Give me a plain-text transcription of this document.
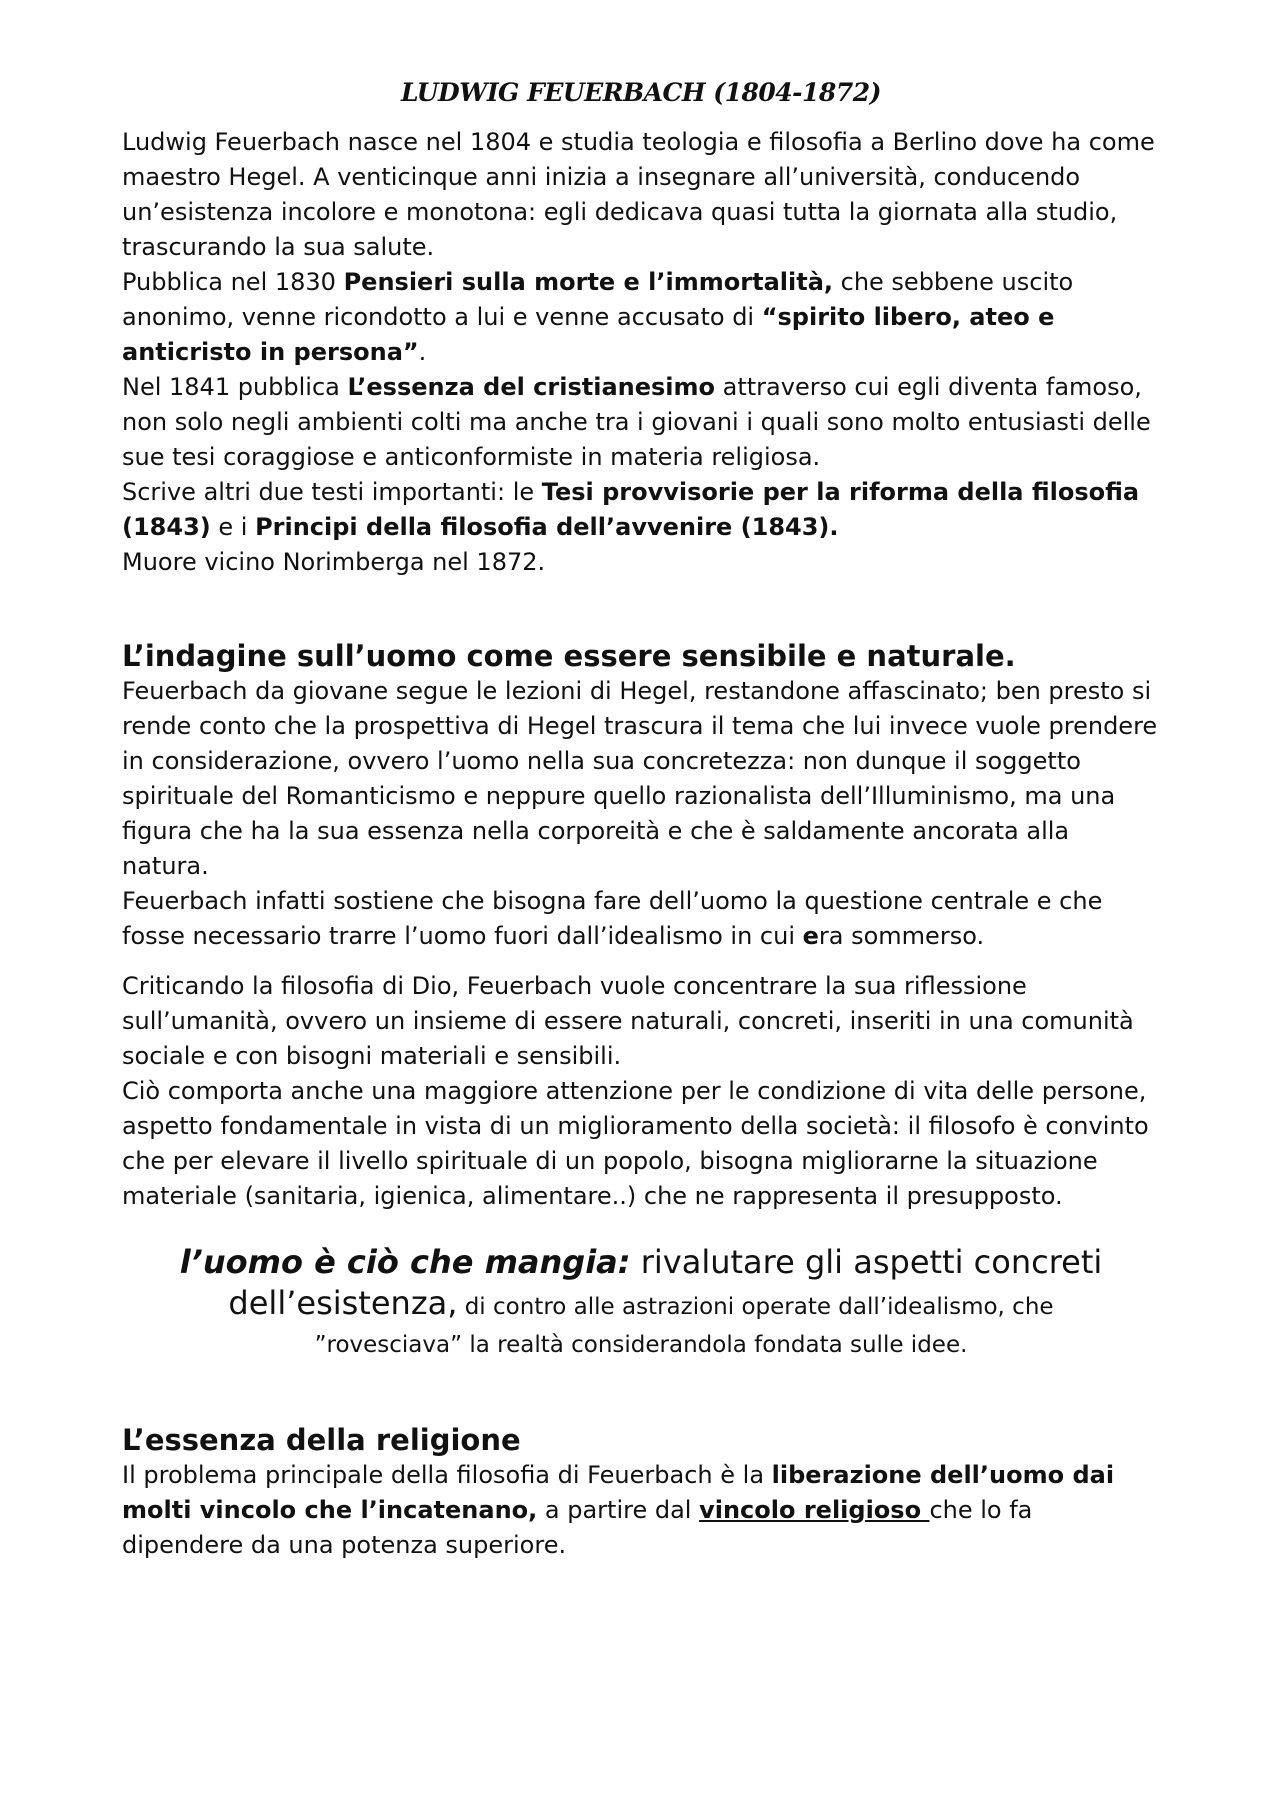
LUDWIG FEUERBACH (1804-1872)

Ludwig Feuerbach nasce nel 1804 e studia teologia e filosofia a Berlino dove ha come maestro Hegel. A venticinque anni inizia a insegnare all’università, conducendo un’esistenza incolore e monotona: egli dedicava quasi tutta la giornata alla studio, trascurando la sua salute.

Pubblica nel 1830 Pensieri sulla morte e l’immortalità, che sebbene uscito anonimo, venne ricondotto a lui e venne accusato di “spirito libero, ateo e anticristo in persona”.

Nel 1841 pubblica L’essenza del cristianesimo attraverso cui egli diventa famoso, non solo negli ambienti colti ma anche tra i giovani i quali sono molto entusiasti delle sue tesi coraggiose e anticonformiste in materia religiosa.

Scrive altri due testi importanti: le Tesi provvisorie per la riforma della filosofia (1843) e i Principi della filosofia dell’avvenire (1843).

Muore vicino Norimberga nel 1872.

L’indagine sull’uomo come essere sensibile e naturale.

Feuerbach da giovane segue le lezioni di Hegel, restandone affascinato; ben presto si rende conto che la prospettiva di Hegel trascura il tema che lui invece vuole prendere in considerazione, ovvero l’uomo nella sua concretezza: non dunque il soggetto spirituale del Romanticismo e neppure quello razionalista dell’Illuminismo, ma una figura che ha la sua essenza nella corporeità e che è saldamente ancorata alla natura.

Feuerbach infatti sostiene che bisogna fare dell’uomo la questione centrale e che fosse necessario trarre l’uomo fuori dall’idealismo in cui era sommerso.

Criticando la filosofia di Dio, Feuerbach vuole concentrare la sua riflessione sull’umanità, ovvero un insieme di essere naturali, concreti, inseriti in una comunità sociale e con bisogni materiali e sensibili.

Ciò comporta anche una maggiore attenzione per le condizione di vita delle persone, aspetto fondamentale in vista di un miglioramento della società: il filosofo è convinto che per elevare il livello spirituale di un popolo, bisogna migliorarne la situazione materiale (sanitaria, igienica, alimentare..) che ne rappresenta il presupposto.

l’uomo è ciò che mangia: rivalutare gli aspetti concreti
dell’esistenza, di contro alle astrazioni operate dall’idealismo, che
”rovesciava” la realtà considerandola fondata sulle idee.
L’essenza della religione

Il problema principale della filosofia di Feuerbach è la liberazione dell’uomo dai molti vincolo che l’incatenano, a partire dal vincolo religioso che lo fa dipendere da una potenza superiore.
